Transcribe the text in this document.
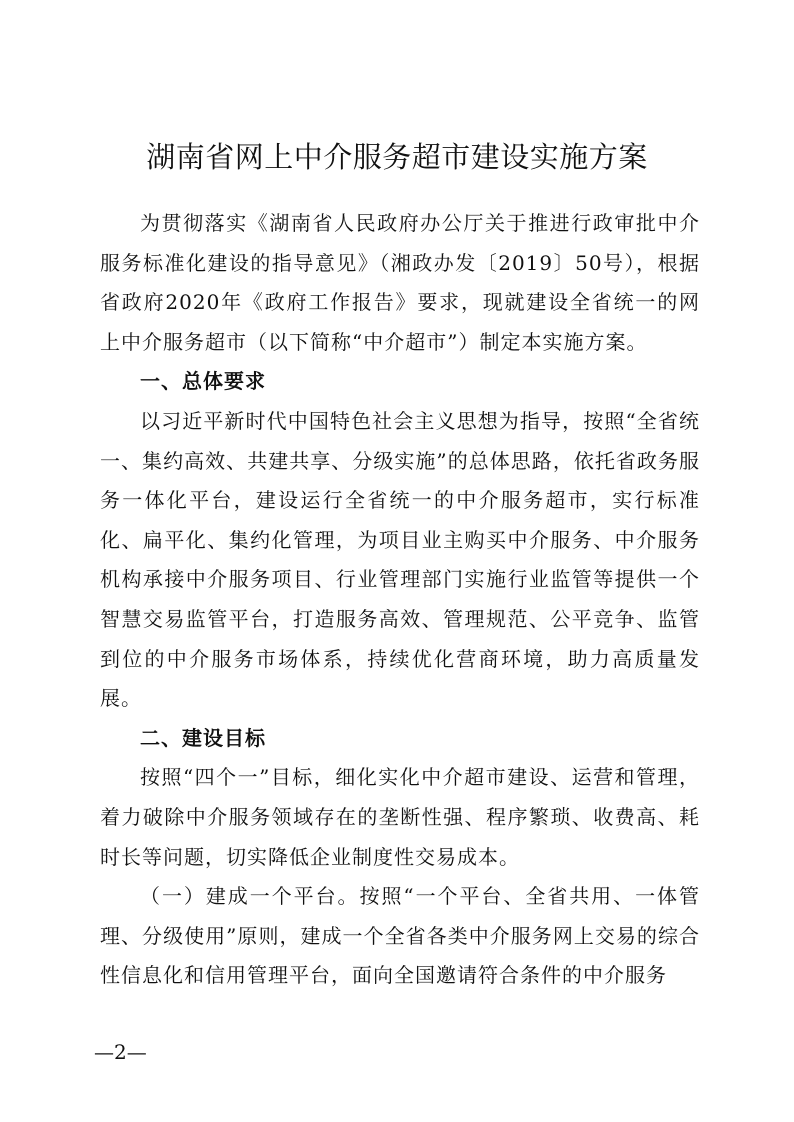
湖南省网上中介服务超市建设实施方案

为贯彻落实《湖南省人民政府办公厅关于推进行政审批中介服务标准化建设的指导意见》（湘政办发〔2019〕50号），根据省政府2020年《政府工作报告》要求，现就建设全省统一的网上中介服务超市（以下简称“中介超市”）制定本实施方案。

一、总体要求

以习近平新时代中国特色社会主义思想为指导，按照“全省统一、集约高效、共建共享、分级实施”的总体思路，依托省政务服务一体化平台，建设运行全省统一的中介服务超市，实行标准化、扁平化、集约化管理，为项目业主购买中介服务、中介服务机构承接中介服务项目、行业管理部门实施行业监管等提供一个智慧交易监管平台，打造服务高效、管理规范、公平竞争、监管到位的中介服务市场体系，持续优化营商环境，助力高质量发展。

二、建设目标

按照“四个一”目标，细化实化中介超市建设、运营和管理，着力破除中介服务领域存在的垄断性强、程序繁琐、收费高、耗时长等问题，切实降低企业制度性交易成本。

（一）建成一个平台。按照“一个平台、全省共用、一体管理、分级使用”原则，建成一个全省各类中介服务网上交易的综合性信息化和信用管理平台，面向全国邀请符合条件的中介服务

—2—
